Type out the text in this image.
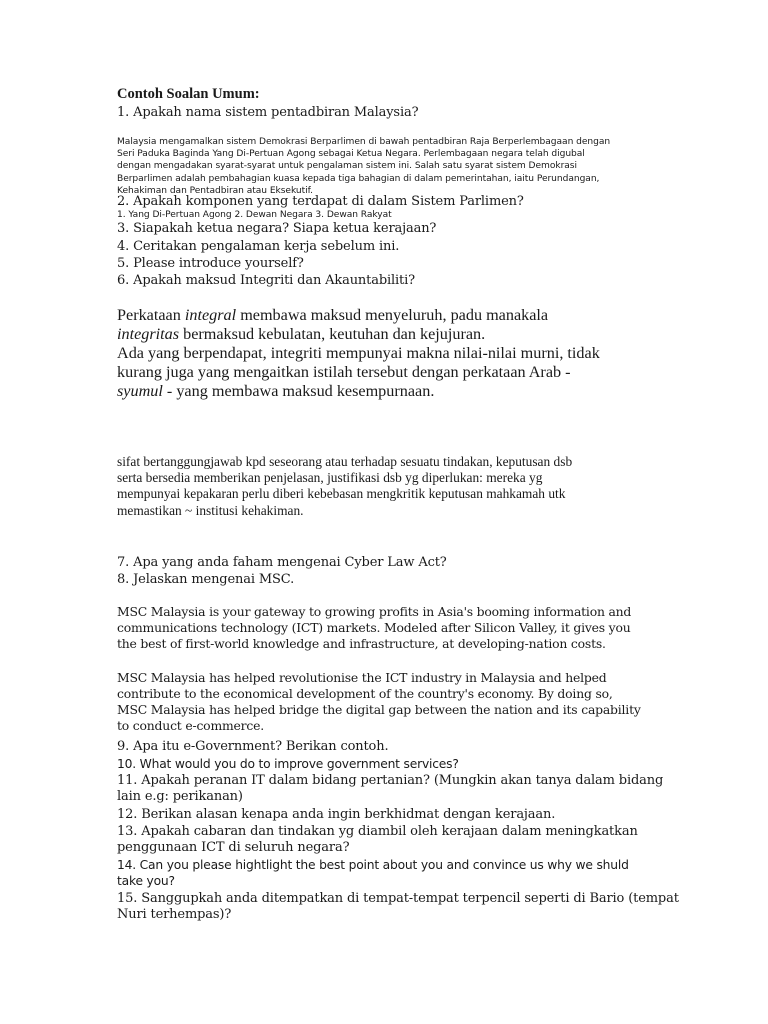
Contoh Soalan Umum:
1. Apakah nama sistem pentadbiran Malaysia?
Malaysia mengamalkan sistem Demokrasi Berparlimen di bawah pentadbiran Raja Berperlembagaan dengan
Seri Paduka Baginda Yang Di-Pertuan Agong sebagai Ketua Negara. Perlembagaan negara telah digubal
dengan mengadakan syarat-syarat untuk pengalaman sistem ini. Salah satu syarat sistem Demokrasi
Berparlimen adalah pembahagian kuasa kepada tiga bahagian di dalam pemerintahan, iaitu Perundangan,
Kehakiman dan Pentadbiran atau Eksekutif.
2. Apakah komponen yang terdapat di dalam Sistem Parlimen?
1. Yang Di-Pertuan Agong 2. Dewan Negara 3. Dewan Rakyat
3. Siapakah ketua negara? Siapa ketua kerajaan?
4. Ceritakan pengalaman kerja sebelum ini.
5. Please introduce yourself?
6. Apakah maksud Integriti dan Akauntabiliti?
Perkataan integral membawa maksud menyeluruh, padu manakala
integritas bermaksud kebulatan, keutuhan dan kejujuran.
Ada yang berpendapat, integriti mempunyai makna nilai-nilai murni, tidak
kurang juga yang mengaitkan istilah tersebut dengan perkataan Arab -
syumul - yang membawa maksud kesempurnaan.
sifat bertanggungjawab kpd seseorang atau terhadap sesuatu tindakan, keputusan dsb
serta bersedia memberikan penjelasan, justifikasi dsb yg diperlukan: mereka yg
mempunyai kepakaran perlu diberi kebebasan mengkritik keputusan mahkamah utk
memastikan ~ institusi kehakiman.
7. Apa yang anda faham mengenai Cyber Law Act?
8. Jelaskan mengenai MSC.
MSC Malaysia is your gateway to growing profits in Asia's booming information and
communications technology (ICT) markets. Modeled after Silicon Valley, it gives you
the best of first-world knowledge and infrastructure, at developing-nation costs.
MSC Malaysia has helped revolutionise the ICT industry in Malaysia and helped
contribute to the economical development of the country's economy. By doing so,
MSC Malaysia has helped bridge the digital gap between the nation and its capability
to conduct e-commerce.
9. Apa itu e-Government? Berikan contoh.
10. What would you do to improve government services?
11. Apakah peranan IT dalam bidang pertanian? (Mungkin akan tanya dalam bidang
lain e.g: perikanan)
12. Berikan alasan kenapa anda ingin berkhidmat dengan kerajaan.
13. Apakah cabaran dan tindakan yg diambil oleh kerajaan dalam meningkatkan
penggunaan ICT di seluruh negara?
14. Can you please hightlight the best point about you and convince us why we shuld
take you?
15. Sanggupkah anda ditempatkan di tempat-tempat terpencil seperti di Bario (tempat
Nuri terhempas)?
